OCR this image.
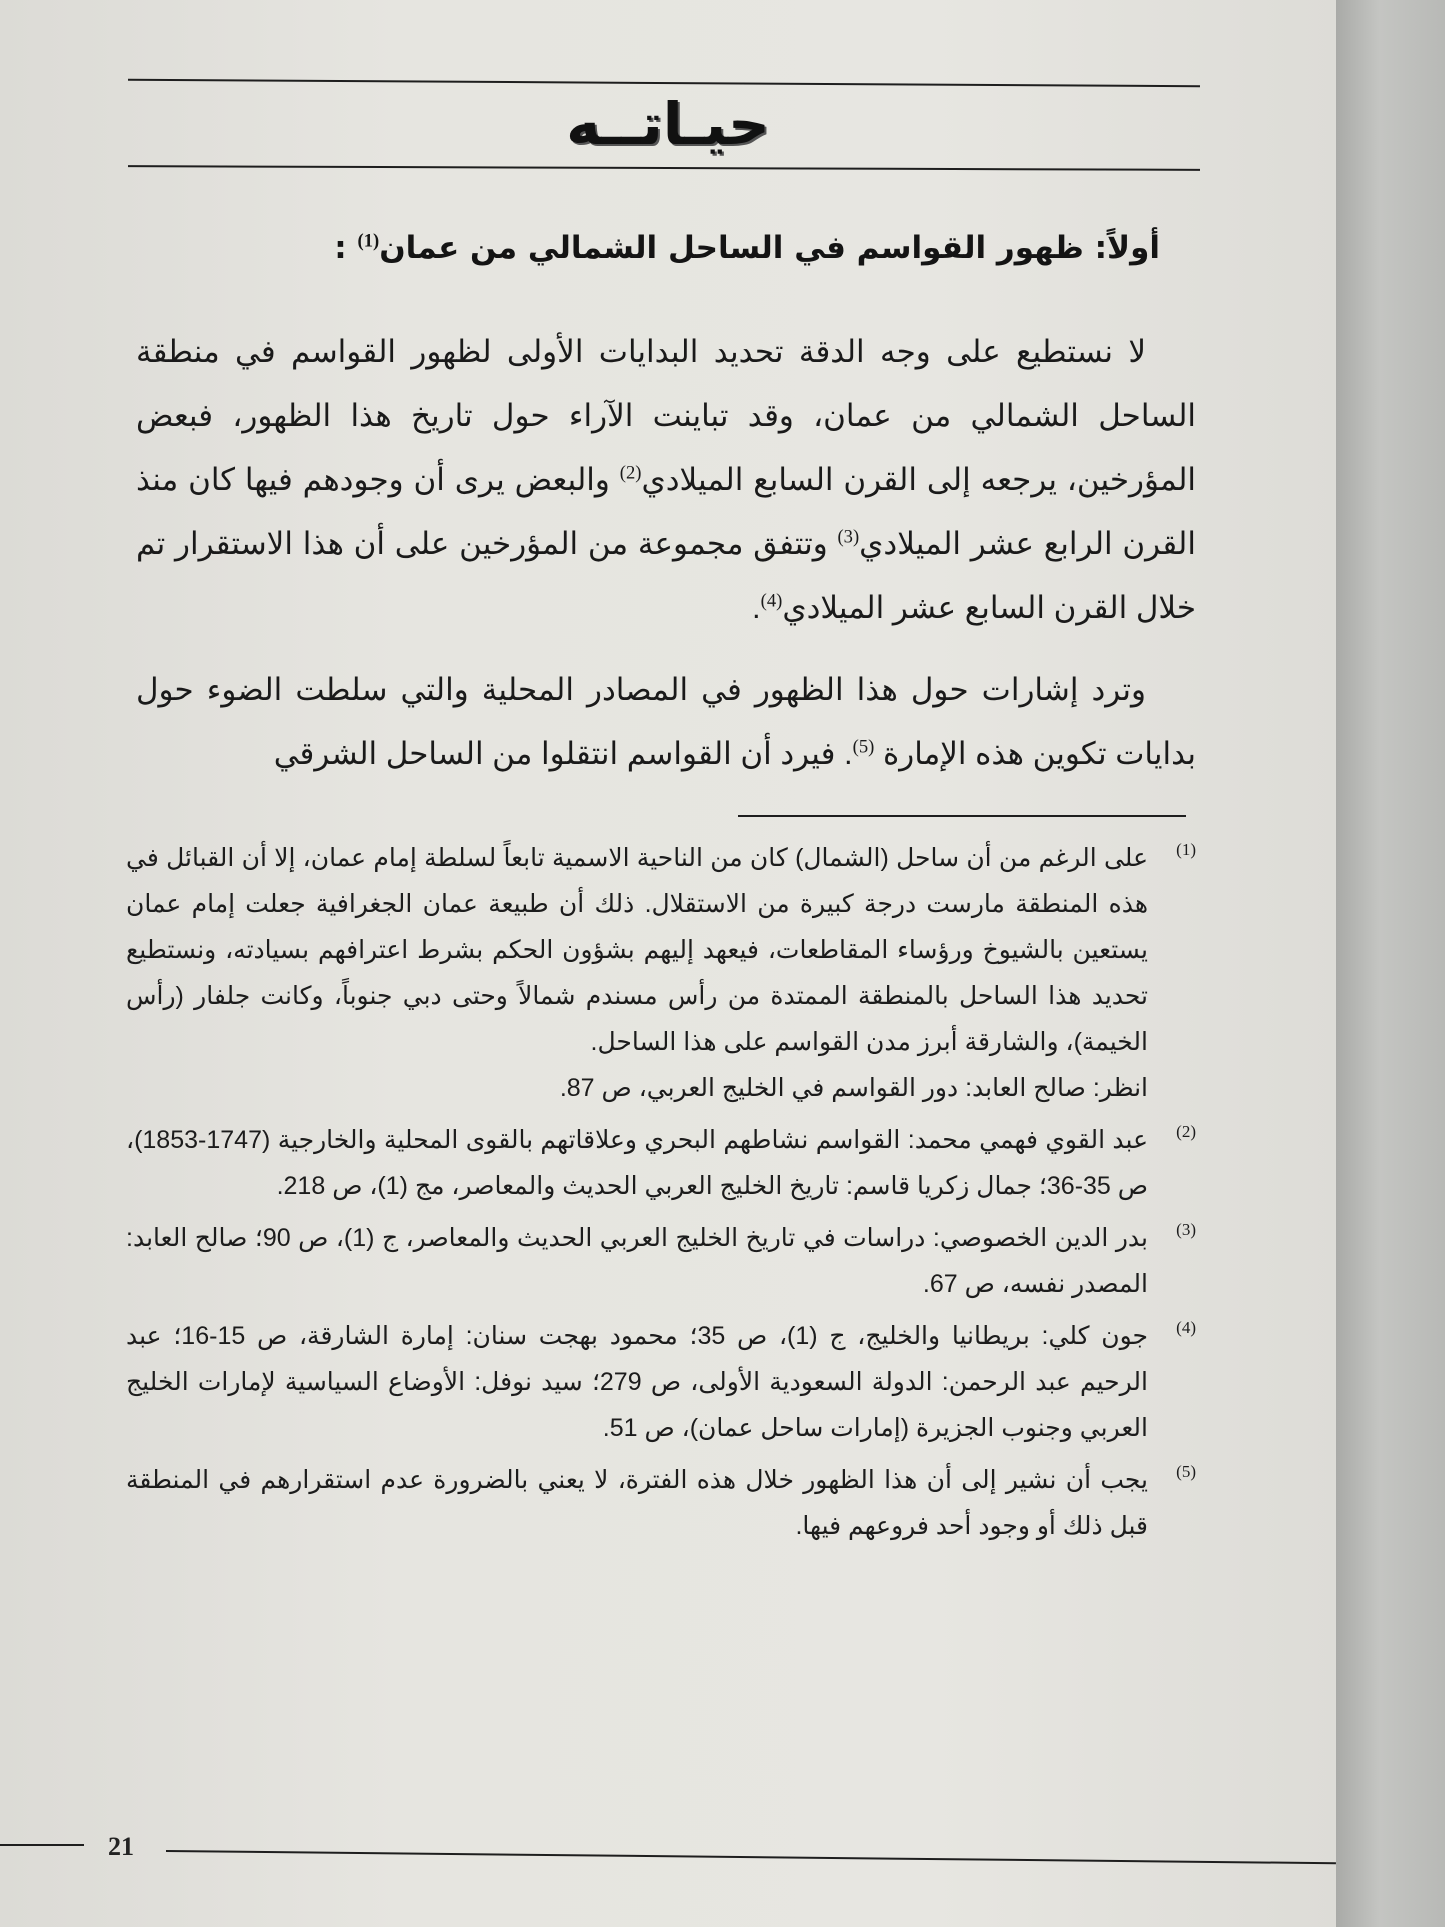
حيـاتــه
أولاً: ظهور القواسم في الساحل الشمالي من عمان$^{(1)}$ :

لا نستطيع على وجه الدقة تحديد البدايات الأولى لظهور القواسم في منطقة الساحل الشمالي من عمان، وقد تباينت الآراء حول تاريخ هذا الظهور، فبعض المؤرخين، يرجعه إلى القرن السابع الميلادي$^{(2)}$ والبعض يرى أن وجودهم فيها كان منذ القرن الرابع عشر الميلادي$^{(3)}$ وتتفق مجموعة من المؤرخين على أن هذا الاستقرار تم خلال القرن السابع عشر الميلادي$^{(4)}$.

وترد إشارات حول هذا الظهور في المصادر المحلية والتي سلطت الضوء حول بدايات تكوين هذه الإمارة $^{(5)}$. فيرد أن القواسم انتقلوا من الساحل الشرقي

(1)
على الرغم من أن ساحل (الشمال) كان من الناحية الاسمية تابعاً لسلطة إمام عمان، إلا أن القبائل في هذه المنطقة مارست درجة كبيرة من الاستقلال. ذلك أن طبيعة عمان الجغرافية جعلت إمام عمان يستعين بالشيوخ ورؤساء المقاطعات، فيعهد إليهم بشؤون الحكم بشرط اعترافهم بسيادته، ونستطيع تحديد هذا الساحل بالمنطقة الممتدة من رأس مسندم شمالاً وحتى دبي جنوباً، وكانت جلفار (رأس الخيمة)، والشارقة أبرز مدن القواسم على هذا الساحل.
انظر: صالح العابد: دور القواسم في الخليج العربي، ص 87.
(2)
عبد القوي فهمي محمد: القواسم نشاطهم البحري وعلاقاتهم بالقوى المحلية والخارجية (1747-1853)، ص 35-36؛ جمال زكريا قاسم: تاريخ الخليج العربي الحديث والمعاصر، مج (1)، ص 218.
(3)
بدر الدين الخصوصي: دراسات في تاريخ الخليج العربي الحديث والمعاصر، ج (1)، ص 90؛ صالح العابد: المصدر نفسه، ص 67.
(4)
جون كلي: بريطانيا والخليج، ج (1)، ص 35؛ محمود بهجت سنان: إمارة الشارقة، ص 15-16؛ عبد الرحيم عبد الرحمن: الدولة السعودية الأولى، ص 279؛ سيد نوفل: الأوضاع السياسية لإمارات الخليج العربي وجنوب الجزيرة (إمارات ساحل عمان)، ص 51.
(5)
يجب أن نشير إلى أن هذا الظهور خلال هذه الفترة، لا يعني بالضرورة عدم استقرارهم في المنطقة قبل ذلك أو وجود أحد فروعهم فيها.
21
